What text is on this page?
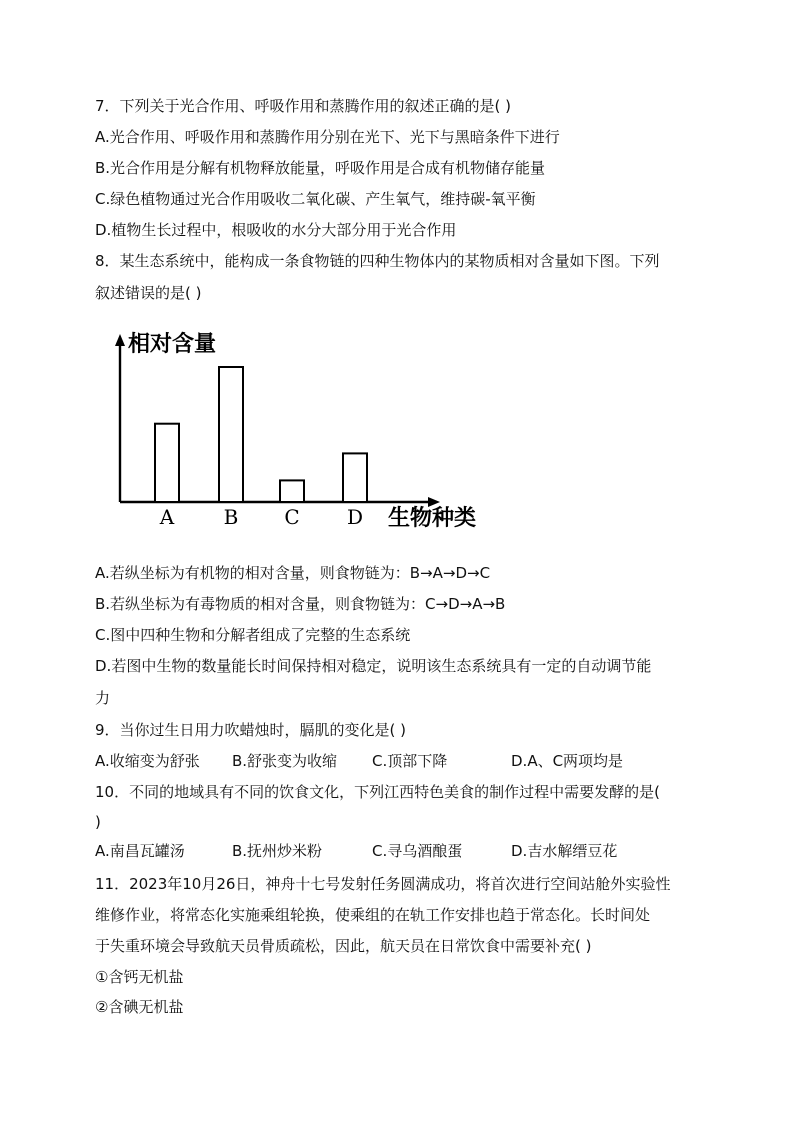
7．下列关于光合作用、呼吸作用和蒸腾作用的叙述正确的是( )
A.光合作用、呼吸作用和蒸腾作用分别在光下、光下与黑暗条件下进行
B.光合作用是分解有机物释放能量，呼吸作用是合成有机物储存能量
C.绿色植物通过光合作用吸收二氧化碳、产生氧气，维持碳-氧平衡
D.植物生长过程中，根吸收的水分大部分用于光合作用
8．某生态系统中，能构成一条食物链的四种生物体内的某物质相对含量如下图。下列
叙述错误的是( )
相对含量
生物种类
A B C D
A.若纵坐标为有机物的相对含量，则食物链为：B→A→D→C
B.若纵坐标为有毒物质的相对含量，则食物链为：C→D→A→B
C.图中四种生物和分解者组成了完整的生态系统
D.若图中生物的数量能长时间保持相对稳定，说明该生态系统具有一定的自动调节能
力
9．当你过生日用力吹蜡烛时，膈肌的变化是( )
A.收缩变为舒张 B.舒张变为收缩 C.顶部下降	D.A、C两项均是
10．不同的地域具有不同的饮食文化，下列江西特色美食的制作过程中需要发酵的是(
)
A.南昌瓦罐汤	B.抚州炒米粉	C.寻乌酒酿蛋	D.吉水解缙豆花
11．2023年10月26日，神舟十七号发射任务圆满成功，将首次进行空间站舱外实验性
维修作业，将常态化实施乘组轮换，使乘组的在轨工作安排也趋于常态化。长时间处
于失重环境会导致航天员骨质疏松，因此，航天员在日常饮食中需要补充( )
①含钙无机盐
②含碘无机盐
